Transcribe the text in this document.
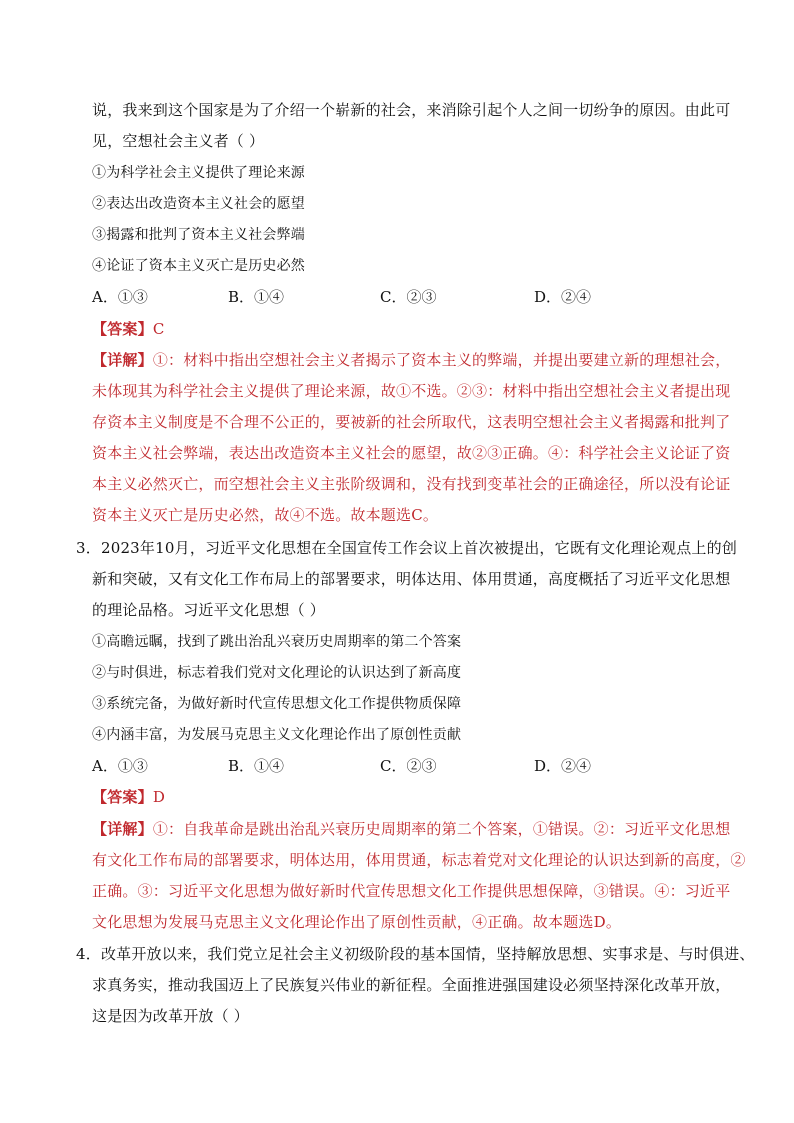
说，我来到这个国家是为了介绍一个崭新的社会，来消除引起个人之间一切纷争的原因。由此可
见，空想社会主义者（ ）
①为科学社会主义提供了理论来源
②表达出改造资本主义社会的愿望
③揭露和批判了资本主义社会弊端
④论证了资本主义灭亡是历史必然
A．①③	B．①④	C．②③	D．②④
【答案】C
【详解】①：材料中指出空想社会主义者揭示了资本主义的弊端，并提出要建立新的理想社会，
未体现其为科学社会主义提供了理论来源，故①不选。②③：材料中指出空想社会主义者提出现
存资本主义制度是不合理不公正的，要被新的社会所取代，这表明空想社会主义者揭露和批判了
资本主义社会弊端，表达出改造资本主义社会的愿望，故②③正确。④：科学社会主义论证了资
本主义必然灭亡，而空想社会主义主张阶级调和，没有找到变革社会的正确途径，所以没有论证
资本主义灭亡是历史必然，故④不选。故本题选C。
3．2023年10月，习近平文化思想在全国宣传工作会议上首次被提出，它既有文化理论观点上的创
新和突破，又有文化工作布局上的部署要求，明体达用、体用贯通，高度概括了习近平文化思想
的理论品格。习近平文化思想（ ）
①高瞻远瞩，找到了跳出治乱兴衰历史周期率的第二个答案
②与时俱进，标志着我们党对文化理论的认识达到了新高度
③系统完备，为做好新时代宣传思想文化工作提供物质保障
④内涵丰富，为发展马克思主义文化理论作出了原创性贡献
A．①③	B．①④	C．②③	D．②④
【答案】D
【详解】①：自我革命是跳出治乱兴衰历史周期率的第二个答案，①错误。②：习近平文化思想
有文化工作布局的部署要求，明体达用，体用贯通，标志着党对文化理论的认识达到新的高度，②
正确。③：习近平文化思想为做好新时代宣传思想文化工作提供思想保障，③错误。④：习近平
文化思想为发展马克思主义文化理论作出了原创性贡献，④正确。故本题选D。
4．改革开放以来，我们党立足社会主义初级阶段的基本国情，坚持解放思想、实事求是、与时俱进、
求真务实，推动我国迈上了民族复兴伟业的新征程。全面推进强国建设必须坚持深化改革开放，
这是因为改革开放（ ）
